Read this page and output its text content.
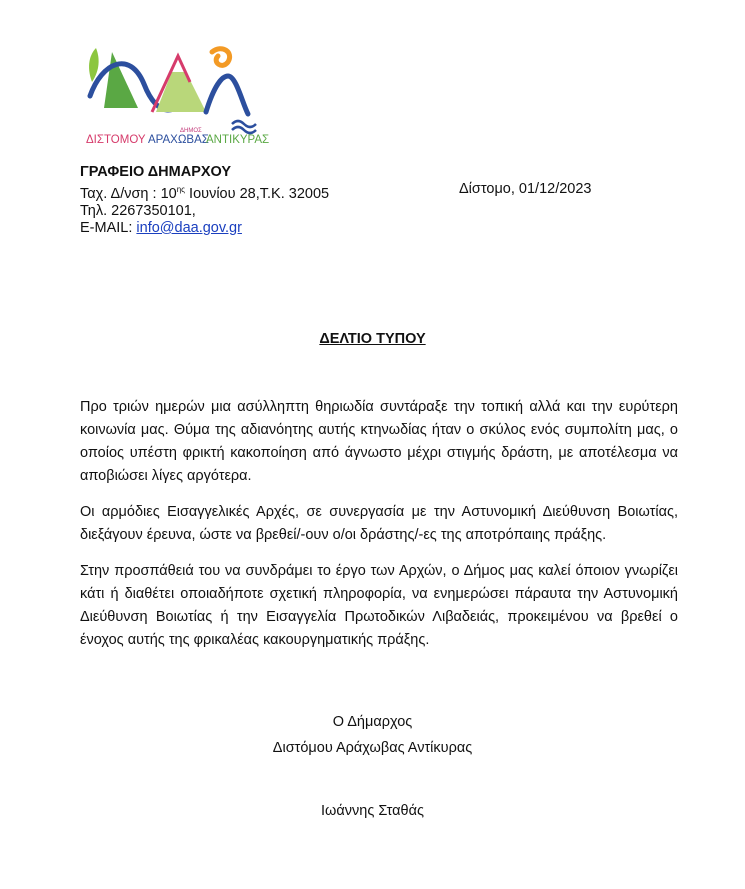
ΔΗΜΟΣ
ΔΙΣΤΟΜΟΥ ΑΡΑΧΩΒΑΣ
ΑΝΤΙΚΥΡΑΣ
ΓΡΑΦΕΙΟ ΔΗΜΑΡΧΟΥ
Ταχ. Δ/νση : $10^{\eta\varsigma}$ Ιουνίου 28,Τ.Κ. 32005
Τηλ. 2267350101,
E-MAIL: info@daa.gov.gr
Δίστομο, 01/12/2023
ΔΕΛΤΙΟ ΤΥΠΟΥ

Προ τριών ημερών μια ασύλληπτη θηριωδία συντάραξε την τοπική αλλά και την ευρύτερη κοινωνία μας. Θύμα της αδιανόητης αυτής κτηνωδίας ήταν ο σκύλος ενός συμπολίτη μας, ο οποίος υπέστη φρικτή κακοποίηση από άγνωστο μέχρι στιγμής δράστη, με αποτέλεσμα να αποβιώσει λίγες αργότερα.

Οι αρμόδιες Εισαγγελικές Αρχές, σε συνεργασία με την Αστυνομική Διεύθυνση Βοιωτίας, διεξάγουν έρευνα, ώστε να βρεθεί/-ουν ο/οι δράστης/-ες της αποτρόπαιης πράξης.

Στην προσπάθειά του να συνδράμει το έργο των Αρχών, ο Δήμος μας καλεί όποιον γνωρίζει κάτι ή διαθέτει οποιαδήποτε σχετική πληροφορία, να ενημερώσει πάραυτα την Αστυνομική Διεύθυνση Βοιωτίας ή την Εισαγγελία Πρωτοδικών Λιβαδειάς, προκειμένου να βρεθεί ο ένοχος αυτής της φρικαλέας κακουργηματικής πράξης.

Ο Δήμαρχος
Διστόμου Αράχωβας Αντίκυρας
Ιωάννης Σταθάς
